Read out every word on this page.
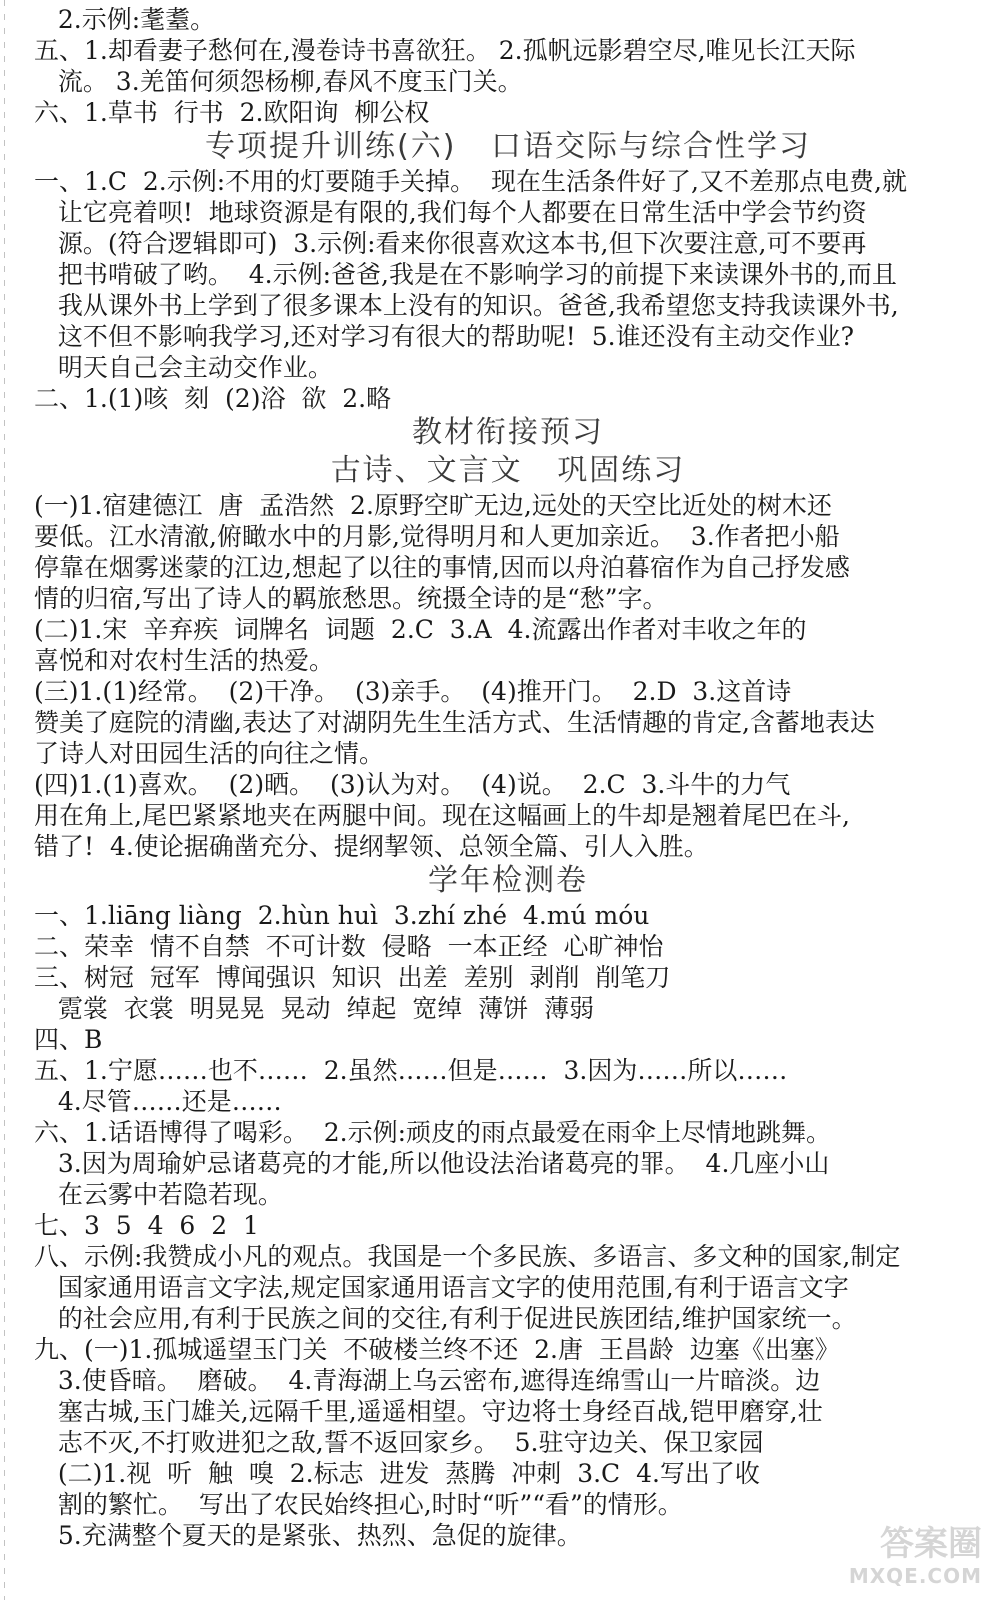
2.示例:耄耋。
五、1.却看妻子愁何在,漫卷诗书喜欲狂。 2.孤帆远影碧空尽,唯见长江天际
流。 3.羌笛何须怨杨柳,春风不度玉门关。
六、1.草书  行书  2.欧阳询  柳公权
专项提升训练(六)   口语交际与综合性学习
一、1.C  2.示例:不用的灯要随手关掉。  现在生活条件好了,又不差那点电费,就
让它亮着呗!  地球资源是有限的,我们每个人都要在日常生活中学会节约资
源。(符合逻辑即可)  3.示例:看来你很喜欢这本书,但下次要注意,可不要再
把书啃破了哟。  4.示例:爸爸,我是在不影响学习的前提下来读课外书的,而且
我从课外书上学到了很多课本上没有的知识。爸爸,我希望您支持我读课外书,
这不但不影响我学习,还对学习有很大的帮助呢!  5.谁还没有主动交作业?
明天自己会主动交作业。
二、1.(1)咳  刻  (2)浴  欲  2.略
教材衔接预习
古诗、文言文   巩固练习
(一)1.宿建德江  唐  孟浩然  2.原野空旷无边,远处的天空比近处的树木还
要低。江水清澈,俯瞰水中的月影,觉得明月和人更加亲近。  3.作者把小船
停靠在烟雾迷蒙的江边,想起了以往的事情,因而以舟泊暮宿作为自己抒发感
情的归宿,写出了诗人的羁旅愁思。统摄全诗的是“愁”字。
(二)1.宋  辛弃疾  词牌名  词题  2.C  3.A  4.流露出作者对丰收之年的
喜悦和对农村生活的热爱。
(三)1.(1)经常。  (2)干净。  (3)亲手。  (4)推开门。  2.D  3.这首诗
赞美了庭院的清幽,表达了对湖阴先生生活方式、生活情趣的肯定,含蓄地表达
了诗人对田园生活的向往之情。
(四)1.(1)喜欢。  (2)晒。  (3)认为对。  (4)说。  2.C  3.斗牛的力气
用在角上,尾巴紧紧地夹在两腿中间。现在这幅画上的牛却是翘着尾巴在斗,
错了!  4.使论据确凿充分、提纲挈领、总领全篇、引人入胜。
学年检测卷
一、1.liāng liàng  2.hùn huì  3.zhí zhé  4.mú móu
二、荣幸  情不自禁  不可计数  侵略  一本正经  心旷神怡
三、树冠  冠军  博闻强识  知识  出差  差别  剥削  削笔刀
霓裳  衣裳  明晃晃  晃动  绰起  宽绰  薄饼  薄弱
四、B
五、1.宁愿……也不……  2.虽然……但是……  3.因为……所以……
4.尽管……还是……
六、1.话语博得了喝彩。  2.示例:顽皮的雨点最爱在雨伞上尽情地跳舞。
3.因为周瑜妒忌诸葛亮的才能,所以他设法治诸葛亮的罪。  4.几座小山
在云雾中若隐若现。
七、3  5  4  6  2  1
八、示例:我赞成小凡的观点。我国是一个多民族、多语言、多文种的国家,制定
国家通用语言文字法,规定国家通用语言文字的使用范围,有利于语言文字
的社会应用,有利于民族之间的交往,有利于促进民族团结,维护国家统一。
九、(一)1.孤城遥望玉门关  不破楼兰终不还  2.唐  王昌龄  边塞《出塞》
3.使昏暗。  磨破。  4.青海湖上乌云密布,遮得连绵雪山一片暗淡。边
塞古城,玉门雄关,远隔千里,遥遥相望。守边将士身经百战,铠甲磨穿,壮
志不灭,不打败进犯之敌,誓不返回家乡。  5.驻守边关、保卫家园
(二)1.视  听  触  嗅  2.标志  进发  蒸腾  冲刺  3.C  4.写出了收
割的繁忙。  写出了农民始终担心,时时“听”“看”的情形。
5.充满整个夏天的是紧张、热烈、急促的旋律。	答案圈
MXQE.COM
